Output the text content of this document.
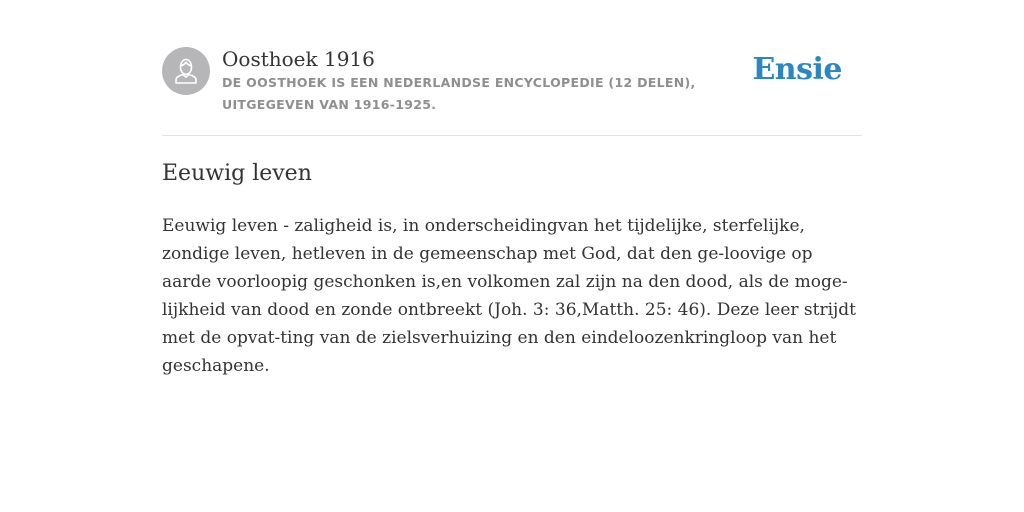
Oosthoek 1916
DE OOSTHOEK IS EEN NEDERLANDSE ENCYCLOPEDIE (12 DELEN), UITGEGEVEN VAN 1916-1925.
Ensie
Eeuwig leven

Eeuwig leven - zaligheid is, in onderscheidingvan het tijdelijke, sterfelijke, zondige leven, hetleven in de gemeenschap met God, dat den ge-loovige op aarde voorloopig geschonken is,en volkomen zal zijn na den dood, als de moge-lijkheid van dood en zonde ontbreekt (Joh. 3: 36,Matth. 25: 46). Deze leer strijdt met de opvat-ting van de zielsverhuizing en den eindeloozenkringloop van het geschapene.
